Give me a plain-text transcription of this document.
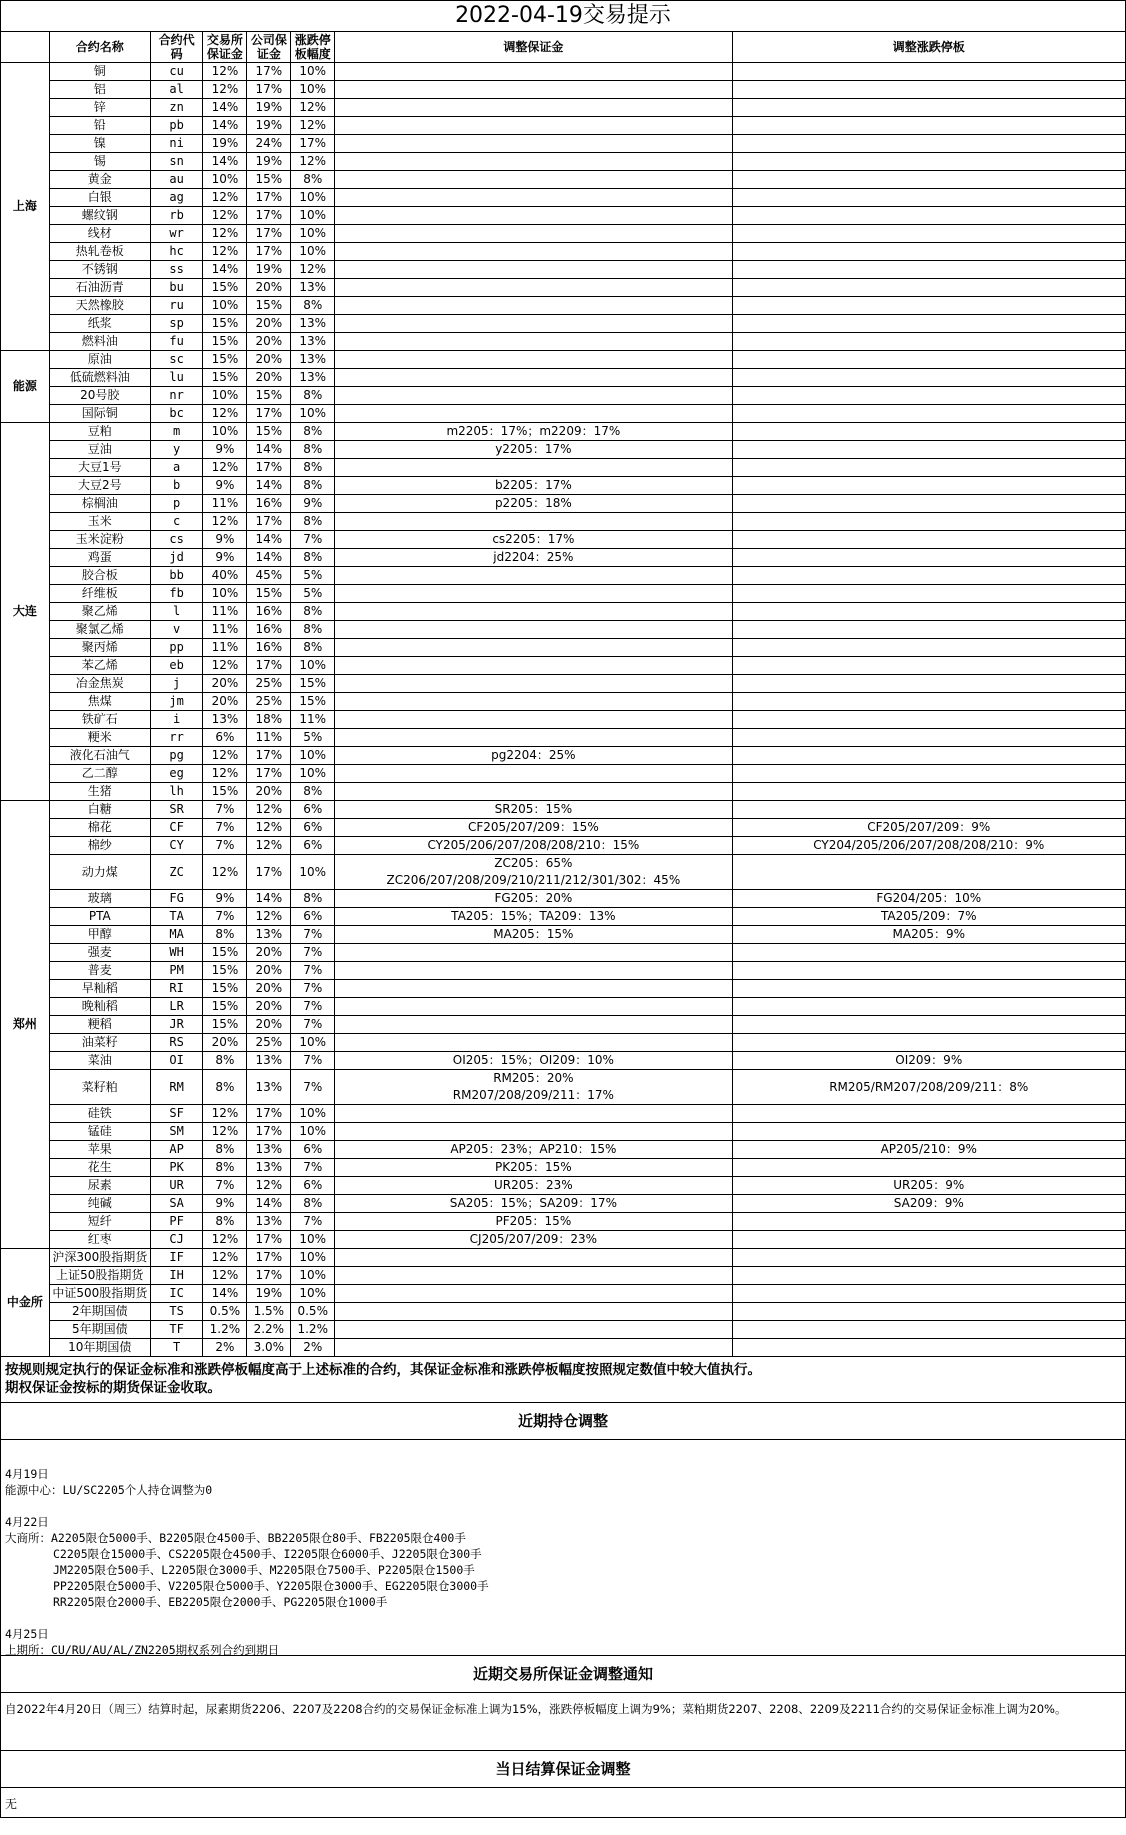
2022-04-19交易提示
	合约名称	合约代码	交易所保证金	公司保证金	涨跌停板幅度	调整保证金	调整涨跌停板
上海	铜	cu	12%	17%	10%		
	铝	al	12%	17%	10%		
	锌	zn	14%	19%	12%		
	铅	pb	14%	19%	12%		
	镍	ni	19%	24%	17%		
	锡	sn	14%	19%	12%		
	黄金	au	10%	15%	8%		
	白银	ag	12%	17%	10%		
	螺纹钢	rb	12%	17%	10%		
	线材	wr	12%	17%	10%		
	热轧卷板	hc	12%	17%	10%		
	不锈钢	ss	14%	19%	12%		
	石油沥青	bu	15%	20%	13%		
	天然橡胶	ru	10%	15%	8%		
	纸浆	sp	15%	20%	13%		
	燃料油	fu	15%	20%	13%		
能源	原油	sc	15%	20%	13%		
	低硫燃料油	lu	15%	20%	13%		
	20号胶	nr	10%	15%	8%		
	国际铜	bc	12%	17%	10%		
大连	豆粕	m	10%	15%	8%	m2205：17%；m2209：17%	
	豆油	y	9%	14%	8%	y2205：17%	
	大豆1号	a	12%	17%	8%		
	大豆2号	b	9%	14%	8%	b2205：17%	
	棕榈油	p	11%	16%	9%	p2205：18%	
	玉米	c	12%	17%	8%		
	玉米淀粉	cs	9%	14%	7%	cs2205：17%	
	鸡蛋	jd	9%	14%	8%	jd2204：25%	
	胶合板	bb	40%	45%	5%		
	纤维板	fb	10%	15%	5%		
	聚乙烯	l	11%	16%	8%		
	聚氯乙烯	v	11%	16%	8%		
	聚丙烯	pp	11%	16%	8%		
	苯乙烯	eb	12%	17%	10%		
	冶金焦炭	j	20%	25%	15%		
	焦煤	jm	20%	25%	15%		
	铁矿石	i	13%	18%	11%		
	粳米	rr	6%	11%	5%		
	液化石油气	pg	12%	17%	10%	pg2204：25%	
	乙二醇	eg	12%	17%	10%		
	生猪	lh	15%	20%	8%		
郑州	白糖	SR	7%	12%	6%	SR205：15%	
	棉花	CF	7%	12%	6%	CF205/207/209：15%	CF205/207/209：9%
	棉纱	CY	7%	12%	6%	CY205/206/207/208/208/210：15%	CY204/205/206/207/208/208/210：9%
	动力煤	ZC	12%	17%	10%	ZC205：65%
ZC206/207/208/209/210/211/212/301/302：45%	

	玻璃	FG	9%	14%	8%	FG205：20%	FG204/205：10%
	PTA	TA	7%	12%	6%	TA205：15%；TA209：13%	TA205/209：7%
	甲醇	MA	8%	13%	7%	MA205：15%	MA205：9%
	强麦	WH	15%	20%	7%		
	普麦	PM	15%	20%	7%		
	早籼稻	RI	15%	20%	7%		
	晚籼稻	LR	15%	20%	7%		
	粳稻	JR	15%	20%	7%		
	油菜籽	RS	20%	25%	10%		
	菜油	OI	8%	13%	7%	OI205：15%；OI209：10%	OI209：9%
	菜籽粕	RM	8%	13%	7%	RM205：20%
RM207/208/209/211：17%	RM205/RM207/208/209/211：8%
	硅铁	SF	12%	17%	10%		
	锰硅	SM	12%	17%	10%		
	苹果	AP	8%	13%	6%	AP205：23%；AP210：15%	AP205/210：9%
	花生	PK	8%	13%	7%	PK205：15%	
	尿素	UR	7%	12%	6%	UR205：23%	UR205：9%
	纯碱	SA	9%	14%	8%	SA205：15%；SA209：17%	SA209：9%
	短纤	PF	8%	13%	7%	PF205：15%	
	红枣	CJ	12%	17%	10%	CJ205/207/209：23%	
中金所	沪深300股指期货	IF	12%	17%	10%		
	上证50股指期货	IH	12%	17%	10%		
	中证500股指期货	IC	14%	19%	10%		
	2年期国债	TS	0.5%	1.5%	0.5%		
	5年期国债	TF	1.2%	2.2%	1.2%		
	10年期国债	T	2%	3.0%	2%		
按规则规定执行的保证金标准和涨跌停板幅度高于上述标准的合约，其保证金标准和涨跌停板幅度按照规定数值中较大值执行。
期权保证金按标的期货保证金收取。
近期持仓调整
4月19日
能源中心：LU/SC2205个人持仓调整为0
4月22日
大商所：A2205限仓5000手、B2205限仓4500手、BB2205限仓80手、FB2205限仓400手
C2205限仓15000手、CS2205限仓4500手、I2205限仓6000手、J2205限仓300手
JM2205限仓500手、L2205限仓3000手、M2205限仓7500手、P2205限仓1500手
PP2205限仓5000手、V2205限仓5000手、Y2205限仓3000手、EG2205限仓3000手
RR2205限仓2000手、EB2205限仓2000手、PG2205限仓1000手
4月25日
上期所：CU/RU/AU/AL/ZN2205期权系列合约到期日
近期交易所保证金调整通知
自2022年4月20日（周三）结算时起，尿素期货2206、2207及2208合约的交易保证金标准上调为15%，涨跌停板幅度上调为9%；菜粕期货2207、2208、2209及2211合约的交易保证金标准上调为20%。
当日结算保证金调整
无
